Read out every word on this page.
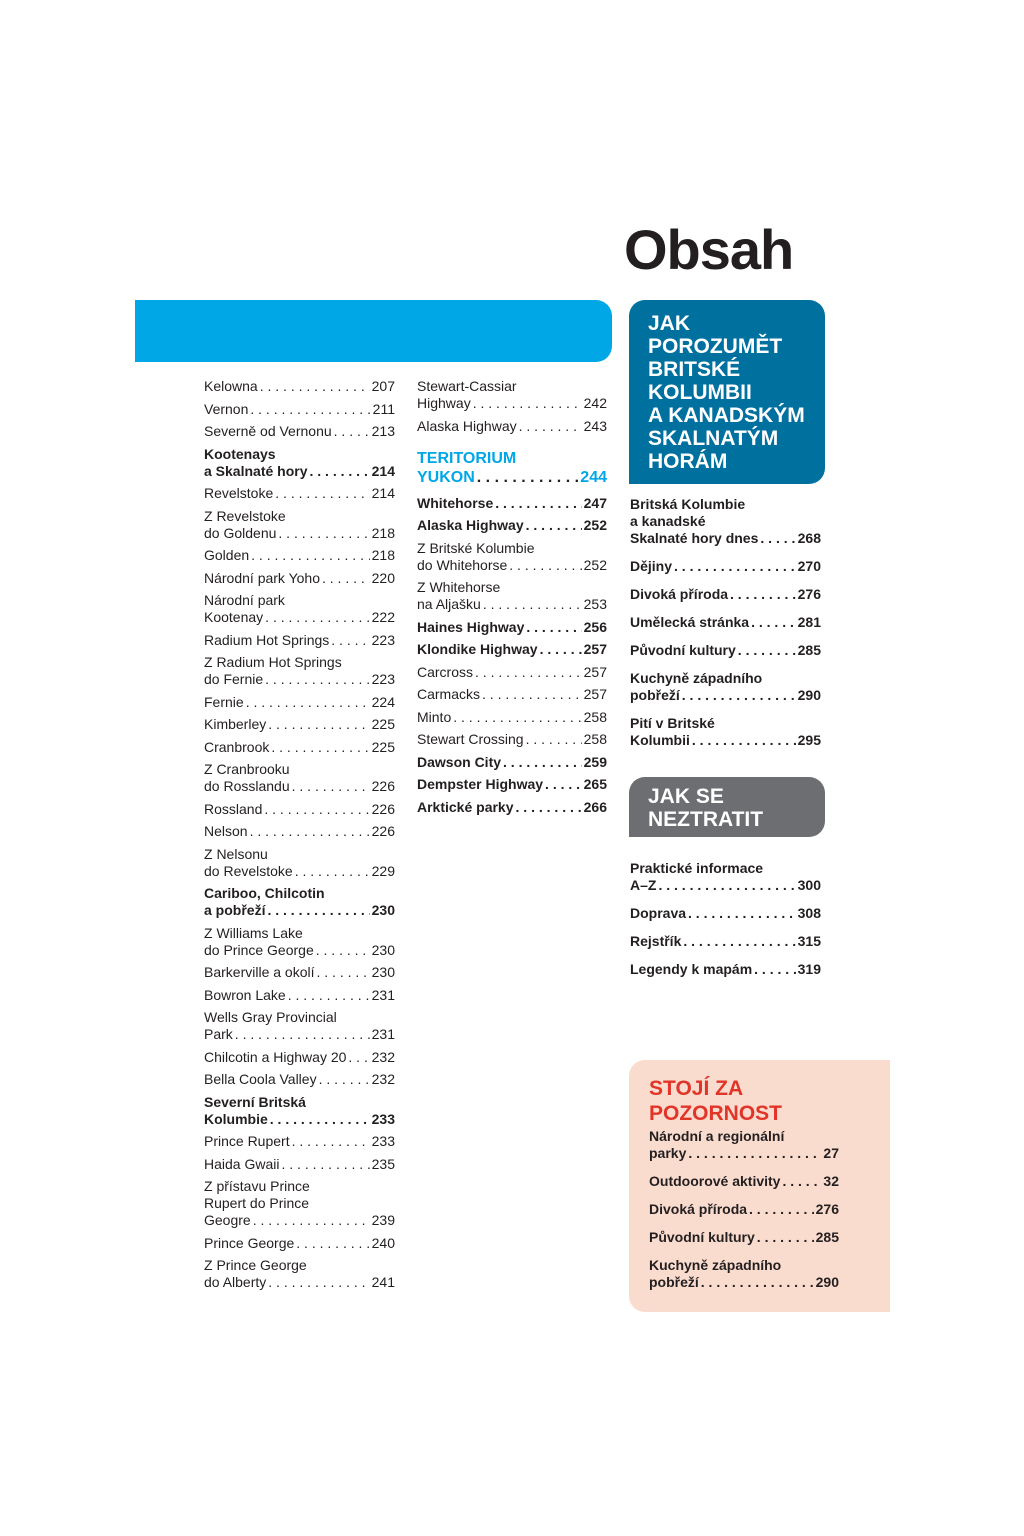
Obsah
JAK
POROZUMĚT
BRITSKÉ
KOLUMBII
A KANADSKÝM
SKALNATÝM
HORÁM
JAK SE
NEZTRATIT
STOJÍ ZA
POZORNOST
Kelowna . . .	207
Vernon . . .	211
Severně od Vernonu . . .	213
Kootenays
a Skalnaté hory . . .	214
Revelstoke . . .	214
Z Revelstoke
do Goldenu . . .	218
Golden . . .	218
Národní park Yoho . . .	220
Národní park
Kootenay . . .	222
Radium Hot Springs . . .	223
Z Radium Hot Springs
do Fernie . . .	223
Fernie . . .	224
Kimberley . . .	225
Cranbrook . . .	225
Z Cranbrooku
do Rosslandu . . .	226
Rossland . . .	226
Nelson . . .	226
Z Nelsonu
do Revelstoke . . .	229
Cariboo, Chilcotin
a pobřeží . . .	230
Z Williams Lake
do Prince George . . .	230
Barkerville a okolí . . .	230
Bowron Lake . . .	231
Wells Gray Provincial
Park . . .	231
Chilcotin a Highway 20 . . . 232
Bella Coola Valley . . .	232
Severní Britská
Kolumbie . . .	233
Prince Rupert . . .	233
Haida Gwaii . . .	235
Z přístavu Prince
Rupert do Prince
Geogre . . .	239
Prince George . . .	240
Z Prince George
do Alberty . . .	241
Stewart-Cassiar
Highway . . .	242
Alaska Highway . . .	243
TERITORIUM
YUKON . . .	244
Whitehorse . . .	247
Alaska Highway . . .	252
Z Britské Kolumbie
do Whitehorse . . .	252
Z Whitehorse
na Aljašku . . .	253
Haines Highway . . .	256
Klondike Highway . . .	257
Carcross . . .	257
Carmacks . . .	257
Minto . . .	258
Stewart Crossing . . .	258
Dawson City . . .	259
Dempster Highway . . .	265
Arktické parky . . .	266
Britská Kolumbie
a kanadské
Skalnaté hory dnes . . .	268
Dějiny . . .	270
Divoká příroda . . .	276
Umělecká stránka . . .	281
Původní kultury . . .	285
Kuchyně západního
pobřeží . . .	290
Pití v Britské
Kolumbii . . .	295
Praktické informace
A–Z . . .	300
Doprava . . .	308
Rejstřík . . .	315
Legendy k mapám . . .	319
Národní a regionální
parky . . .	27
Outdoorové aktivity . . .	32
Divoká příroda . . .	276
Původní kultury . . .	285
Kuchyně západního
pobřeží . . .	290
